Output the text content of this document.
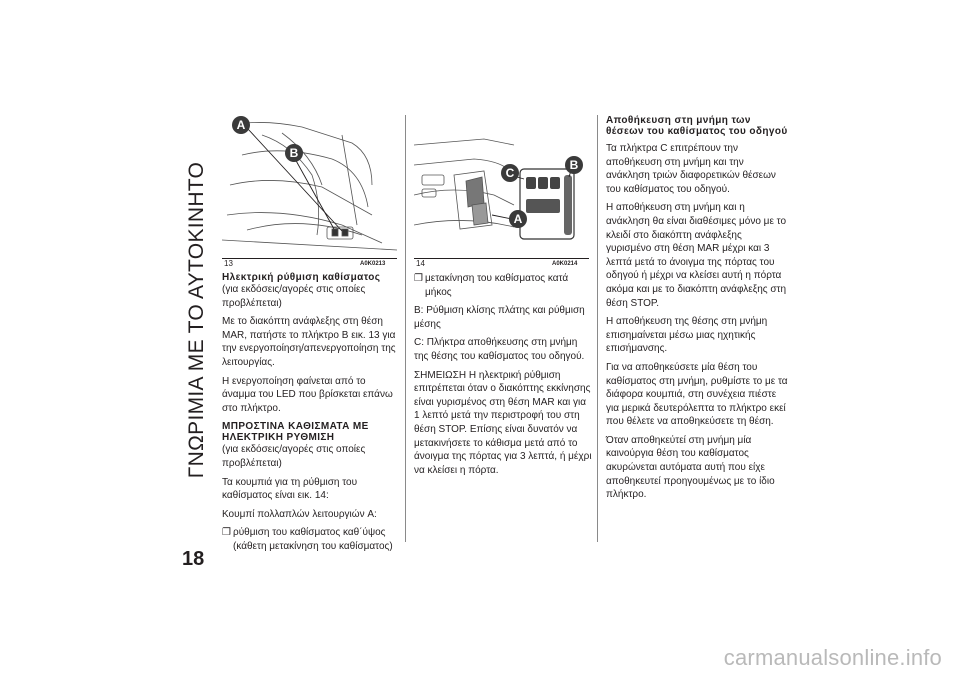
ΓΝΩΡΙΜΙΑ ΜΕ ΤΟ ΑΥΤΟΚΙΝΗΤΟ
18
A
B
13	A0K0213
C
B
A
14	A0K0214

Ηλεκτρική ρύθμιση καθίσματος

(για εκδόσεις/αγορές στις οποίες προβλέπεται)

Με το διακόπτη ανάφλεξης στη θέση MAR, πατήστε το πλήκτρο B εικ. 13 για την ενεργοποίηση/απενεργοποίηση της λειτουργίας.

Η ενεργοποίηση φαίνεται από το άναμμα του LED που βρίσκεται επάνω στο πλήκτρο.

ΜΠΡΟΣΤΙΝΑ ΚΑΘΙΣΜΑΤΑ ΜΕ ΗΛΕΚΤΡΙΚΗ ΡΥΘΜΙΣΗ

(για εκδόσεις/αγορές στις οποίες προβλέπεται)

Τα κουμπιά για τη ρύθμιση του καθίσματος είναι εικ. 14:

Κουμπί πολλαπλών λειτουργιών A:

❐ ρύθμιση του καθίσματος καθ΄ύψος (κάθετη μετακίνηση του καθίσματος)
❐ μετακίνηση του καθίσματος κατά μήκος

B: Ρύθμιση κλίσης πλάτης και ρύθμιση μέσης

C: Πλήκτρα αποθήκευσης στη μνήμη της θέσης του καθίσματος του οδηγού.

ΣΗΜΕΙΩΣΗ Η ηλεκτρική ρύθμιση επιτρέπεται όταν ο διακόπτης εκκίνησης είναι γυρισμένος στη θέση MAR και για 1 λεπτό μετά την περιστροφή του στη θέση STOP. Επίσης είναι δυνατόν να μετακινήσετε το κάθισμα μετά από το άνοιγμα της πόρτας για 3 λεπτά, ή μέχρι να κλείσει η πόρτα.

Αποθήκευση στη μνήμη των θέσεων του καθίσματος του οδηγού

Τα πλήκτρα C επιτρέπουν την αποθήκευση στη μνήμη και την ανάκληση τριών διαφορετικών θέσεων του καθίσματος του οδηγού.

Η αποθήκευση στη μνήμη και η ανάκληση θα είναι διαθέσιμες μόνο με το κλειδί στο διακόπτη ανάφλεξης γυρισμένο στη θέση MAR μέχρι και 3 λεπτά μετά το άνοιγμα της πόρτας του οδηγού ή μέχρι να κλείσει αυτή η πόρτα ακόμα και με το διακόπτη ανάφλεξης στη θέση STOP.

Η αποθήκευση της θέσης στη μνήμη επισημαίνεται μέσω μιας ηχητικής επισήμανσης.

Για να αποθηκεύσετε μία θέση του καθίσματος στη μνήμη, ρυθμίστε το με τα διάφορα κουμπιά, στη συνέχεια πιέστε για μερικά δευτερόλεπτα το πλήκτρο εκεί που θέλετε να αποθηκεύσετε τη θέση.

Όταν αποθηκεύτεί στη μνήμη μία καινούργια θέση του καθίσματος ακυρώνεται αυτόματα αυτή που είχε αποθηκευτεί προηγουμένως με το ίδιο πλήκτρο.

carmanualsonline.info
